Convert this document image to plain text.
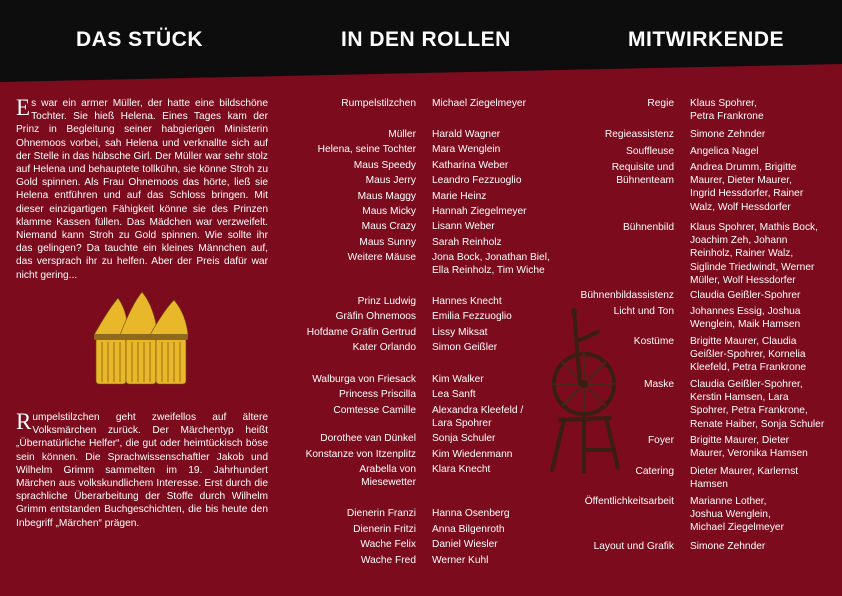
DAS STÜCK	IN DEN ROLLEN	MITWIRKENDE
Es war ein armer Müller, der hatte eine bildschöne Tochter. Sie hieß Helena. Eines Tages kam der Prinz in Begleitung seiner habgierigen Ministerin Ohnemoos vorbei, sah Helena und verknallte sich auf der Stelle in das hübsche Girl. Der Müller war sehr stolz auf Helena und behauptete tollkühn, sie könne Stroh zu Gold spinnen. Als Frau Ohnemoos das hörte, ließ sie Helena entführen und auf das Schloss bringen. Mit dieser einzigartigen Fähigkeit könne sie des Prinzen klamme Kassen füllen. Das Mädchen war verzweifelt. Niemand kann Stroh zu Gold spinnen. Wie sollte ihr das gelingen? Da tauchte ein kleines Männchen auf, das versprach ihr zu helfen. Aber der Preis dafür war nicht gering...
Rumpelstilzchen geht zweifellos auf ältere Volksmärchen zurück. Der Märchentyp heißt „Übernatürliche Helfer“, die gut oder heimtückisch böse sein können. Die Sprachwissenschaftler Jakob und Wilhelm Grimm sammelten im 19. Jahrhundert Märchen aus volkskundlichem Interesse. Erst durch die sprachliche Überarbeitung der Stoffe durch Wilhelm Grimm entstanden Buchgeschichten, die bis heute den Inbegriff „Märchen“ prägen.
Rumpelstilzchen Michael Ziegelmeyer
Müller Harald Wagner
Helena, seine Tochter Mara Wenglein
Maus Speedy Katharina Weber
Maus Jerry Leandro Fezzuoglio
Maus Maggy Marie Heinz
Maus Micky Hannah Ziegelmeyer
Maus Crazy Lisann Weber
Maus Sunny Sarah Reinholz
Weitere Mäuse Jona Bock, Jonathan Biel,
Ella Reinholz, Tim Wiche
Prinz Ludwig Hannes Knecht
Gräfin Ohnemoos Emilia Fezzuoglio
Hofdame Gräfin Gertrud Lissy Miksat
Kater Orlando Simon Geißler
Walburga von Friesack Kim Walker
Princess Priscilla Lea Sanft
Comtesse Camille Alexandra Kleefeld /
Lara Spohrer
Dorothee van Dünkel Sonja Schuler
Konstanze von Itzenplitz Kim Wiedenmann
Arabella von
Miesewetter
Klara Knecht
Dienerin Franzi Hanna Osenberg
Dienerin Fritzi Anna Bilgenroth
Wache Felix Daniel Wiesler
Wache Fred Werner Kuhl
Regie Klaus Spohrer,
Petra Frankrone
Regieassistenz Simone Zehnder
Souffleuse Angelica Nagel
Requisite und
Bühnenteam
Andrea Drumm, Brigitte
Maurer, Dieter Maurer,
Ingrid Hessdorfer, Rainer
Walz, Wolf Hessdorfer
Bühnenbild Klaus Spohrer, Mathis Bock,
Joachim Zeh, Johann
Reinholz, Rainer Walz,
Siglinde Triedwindt, Werner
Müller, Wolf Hessdorfer
Bühnenbildassistenz Claudia Geißler-Spohrer
Licht und Ton Johannes Essig, Joshua
Wenglein, Maik Hamsen
Kostüme Brigitte Maurer, Claudia
Geißler-Spohrer, Kornelia
Kleefeld, Petra Frankrone
Maske Claudia Geißler-Spohrer,
Kerstin Hamsen, Lara
Spohrer, Petra Frankrone,
Renate Haiber, Sonja Schuler
Foyer Brigitte Maurer, Dieter
Maurer, Veronika Hamsen
Catering Dieter Maurer, Karlernst
Hamsen
Öffentlichkeitsarbeit Marianne Lother,
Joshua Wenglein,
Michael Ziegelmeyer
Layout und Grafik Simone Zehnder
